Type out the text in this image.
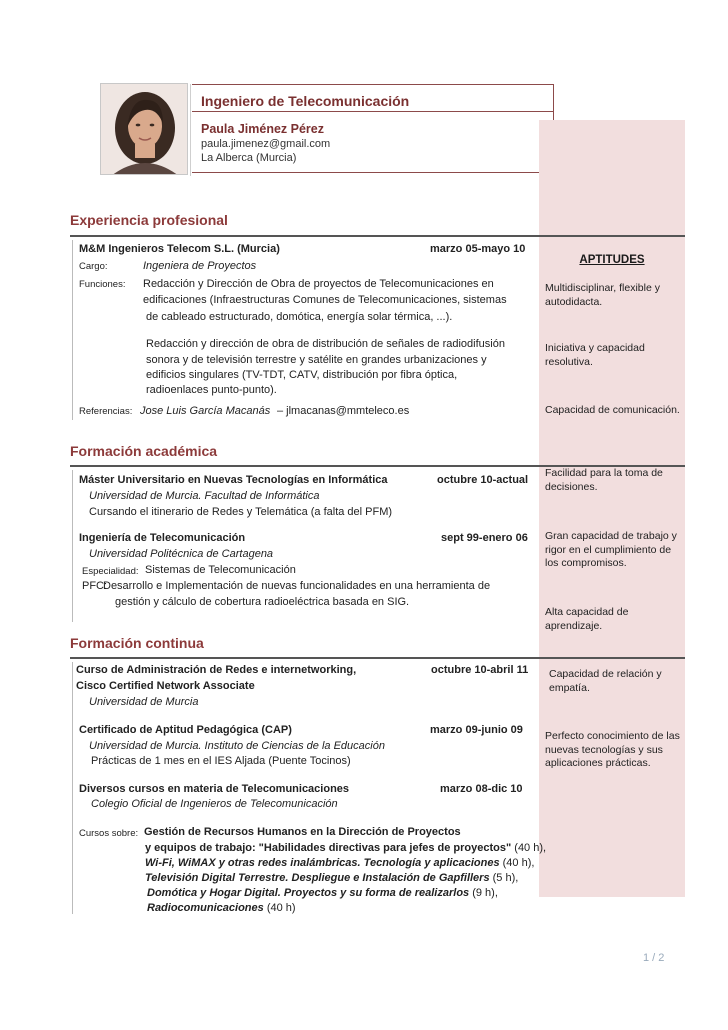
Ingeniero de Telecomunicación
Paula Jiménez Pérez
paula.jimenez@gmail.com
La Alberca (Murcia)
APTITUDES
Multidisciplinar, flexible y autodidacta.
Iniciativa y capacidad resolutiva.
Capacidad de comunicación.
Facilidad para la toma de decisiones.
Gran capacidad de trabajo y rigor en el cumplimiento de los compromisos.
Alta capacidad de aprendizaje.
Capacidad de relación y empatía.
Perfecto conocimiento de las nuevas tecnologías y sus aplicaciones prácticas.
Experiencia profesional
M&M Ingenieros Telecom S.L. (Murcia)	marzo 05-mayo 10
Cargo:	Ingeniera de Proyectos
Funciones: Redacción y Dirección de Obra de proyectos de Telecomunicaciones en
edificaciones (Infraestructuras Comunes de Telecomunicaciones, sistemas
de cableado estructurado, domótica, energía solar térmica, ...).
Redacción y dirección de obra de distribución de señales de radiodifusión
sonora y de televisión terrestre y satélite en grandes urbanizaciones y
edificios singulares (TV-TDT, CATV, distribución por fibra óptica,
radioenlaces punto-punto).
Referencias: Jose Luis García Macanás – jlmacanas@mmteleco.es
Formación académica
Máster Universitario en Nuevas Tecnologías en Informática	octubre 10-actual
Universidad de Murcia. Facultad de Informática
Cursando el itinerario de Redes y Telemática (a falta del PFM)
Ingeniería de Telecomunicación	sept 99-enero 06
Universidad Politécnica de Cartagena
Especialidad: Sistemas de Telecomunicación
PFC:
Desarrollo e Implementación de nuevas funcionalidades en una herramienta de
gestión y cálculo de cobertura radioeléctrica basada en SIG.
Formación continua
Curso de Administración de Redes e internetworking,
Cisco Certified Network Associate
octubre 10-abril 11
Universidad de Murcia
Certificado de Aptitud Pedagógica (CAP)	marzo 09-junio 09
Universidad de Murcia. Instituto de Ciencias de la Educación
Prácticas de 1 mes en el IES Aljada (Puente Tocinos)
Diversos cursos en materia de Telecomunicaciones	marzo 08-dic 10
Colegio Oficial de Ingenieros de Telecomunicación
Cursos sobre: Gestión de Recursos Humanos en la Dirección de Proyectos
y equipos de trabajo: "Habilidades directivas para jefes de proyectos" (40 h),
Wi-Fi, WiMAX y otras redes inalámbricas. Tecnología y aplicaciones (40 h),
Televisión Digital Terrestre. Despliegue e Instalación de Gapfillers (5 h),
Domótica y Hogar Digital. Proyectos y su forma de realizarlos (9 h),
Radiocomunicaciones (40 h)
1 / 2
